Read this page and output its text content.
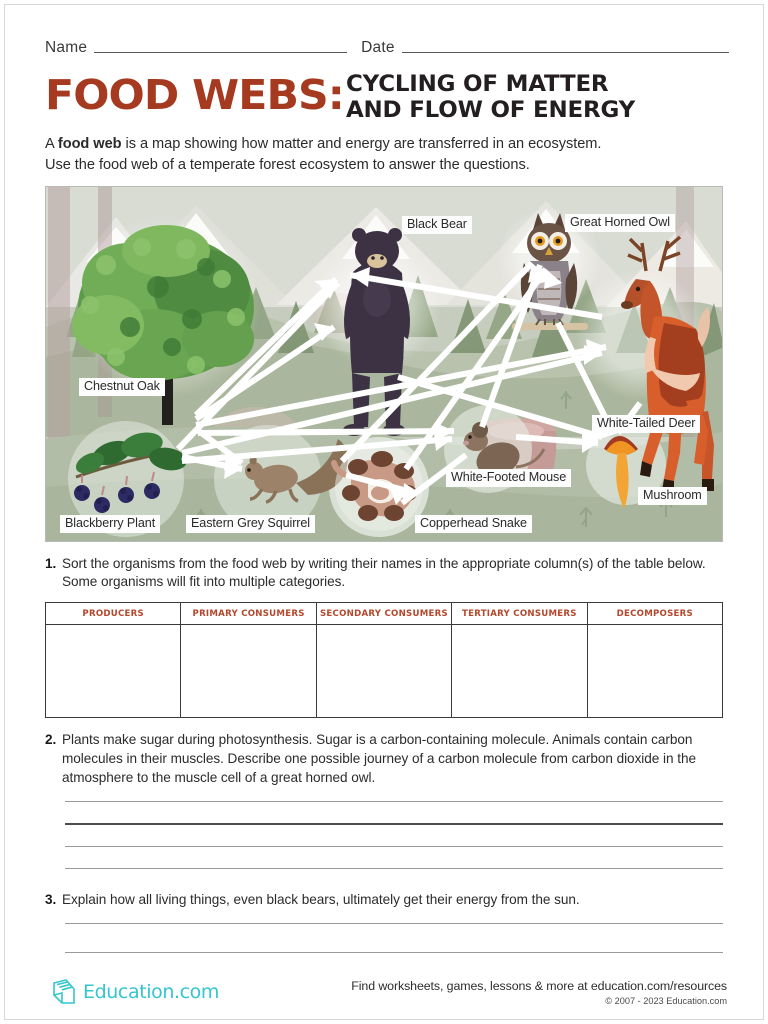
Name	Date
FOOD WEBS: CYCLING OF MATTER
AND FLOW OF ENERGY
A food web is a map showing how matter and energy are transferred in an ecosystem.
Use the food web of a temperate forest ecosystem to answer the questions.
Black Bear	Great Horned Owl
Chestnut Oak
White-Tailed Deer
White-Footed Mouse
Mushroom
Blackberry Plant	Eastern Grey Squirrel	Copperhead Snake
1. Sort the organisms from the food web by writing their names in the appropriate column(s) of the table below. Some organisms will fit into multiple categories.
PRODUCERS	PRIMARY CONSUMERS	SECONDARY CONSUMERS	TERTIARY CONSUMERS	DECOMPOSERS

2. Plants make sugar during photosynthesis. Sugar is a carbon-containing molecule. Animals contain carbon molecules in their muscles. Describe one possible journey of a carbon molecule from carbon dioxide in the atmosphere to the muscle cell of a great horned owl.
3. Explain how all living things, even black bears, ultimately get their energy from the sun.
Education.com	Find worksheets, games, lessons & more at education.com/resources
© 2007 - 2023 Education.com
